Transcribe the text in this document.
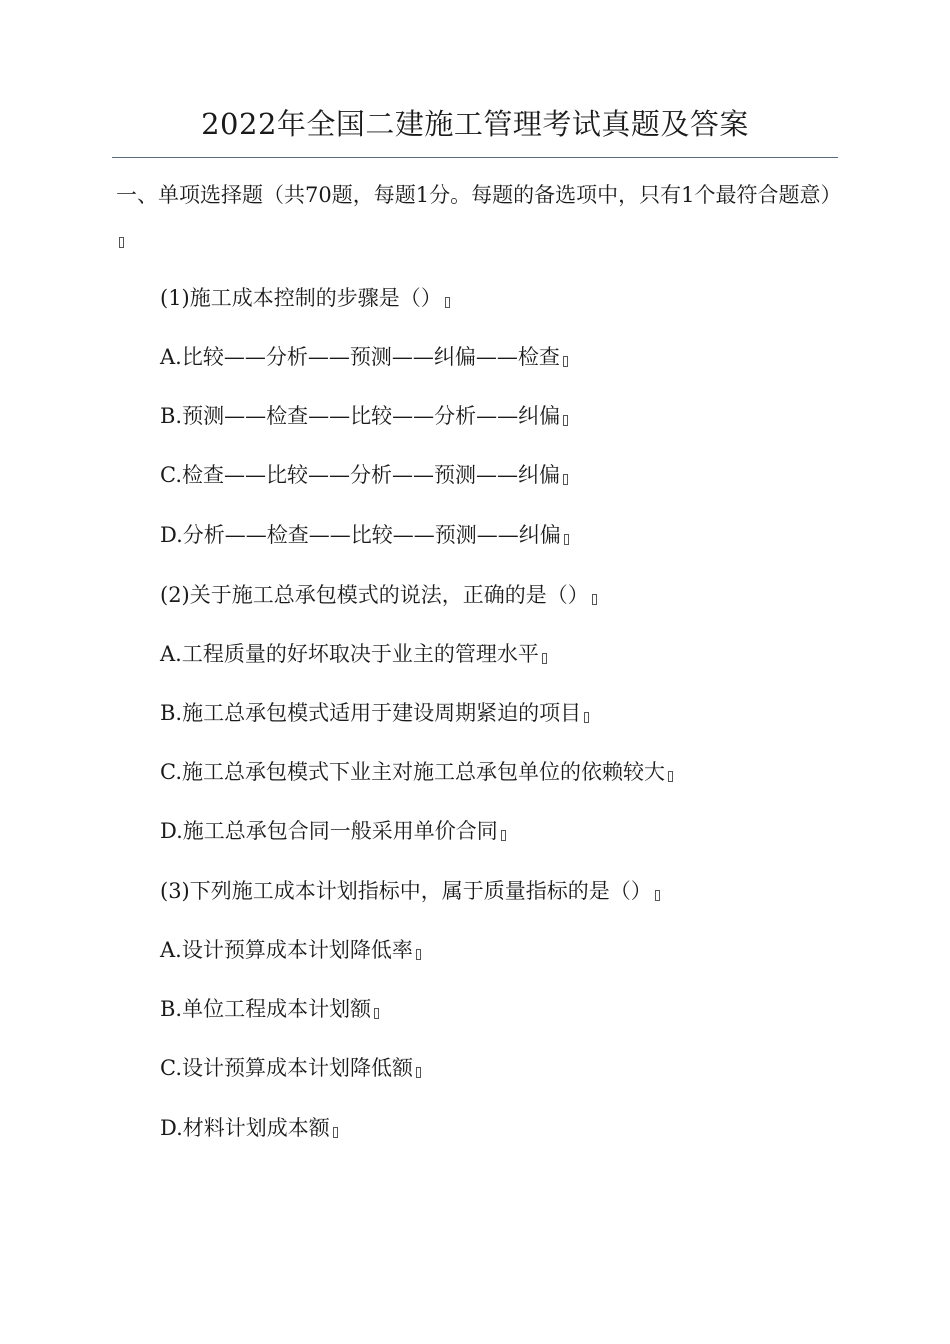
2022年全国二建施工管理考试真题及答案
一、单项选择题（共70题，每题1分。每题的备选项中，只有1个最符合题意）
(1)施工成本控制的步骤是（）
A.比较——分析——预测——纠偏——检查
B.预测——检查——比较——分析——纠偏
C.检查——比较——分析——预测——纠偏
D.分析——检查——比较——预测——纠偏
(2)关于施工总承包模式的说法，正确的是（）
A.工程质量的好坏取决于业主的管理水平
B.施工总承包模式适用于建设周期紧迫的项目
C.施工总承包模式下业主对施工总承包单位的依赖较大
D.施工总承包合同一般采用单价合同
(3)下列施工成本计划指标中，属于质量指标的是（）
A.设计预算成本计划降低率
B.单位工程成本计划额
C.设计预算成本计划降低额
D.材料计划成本额
